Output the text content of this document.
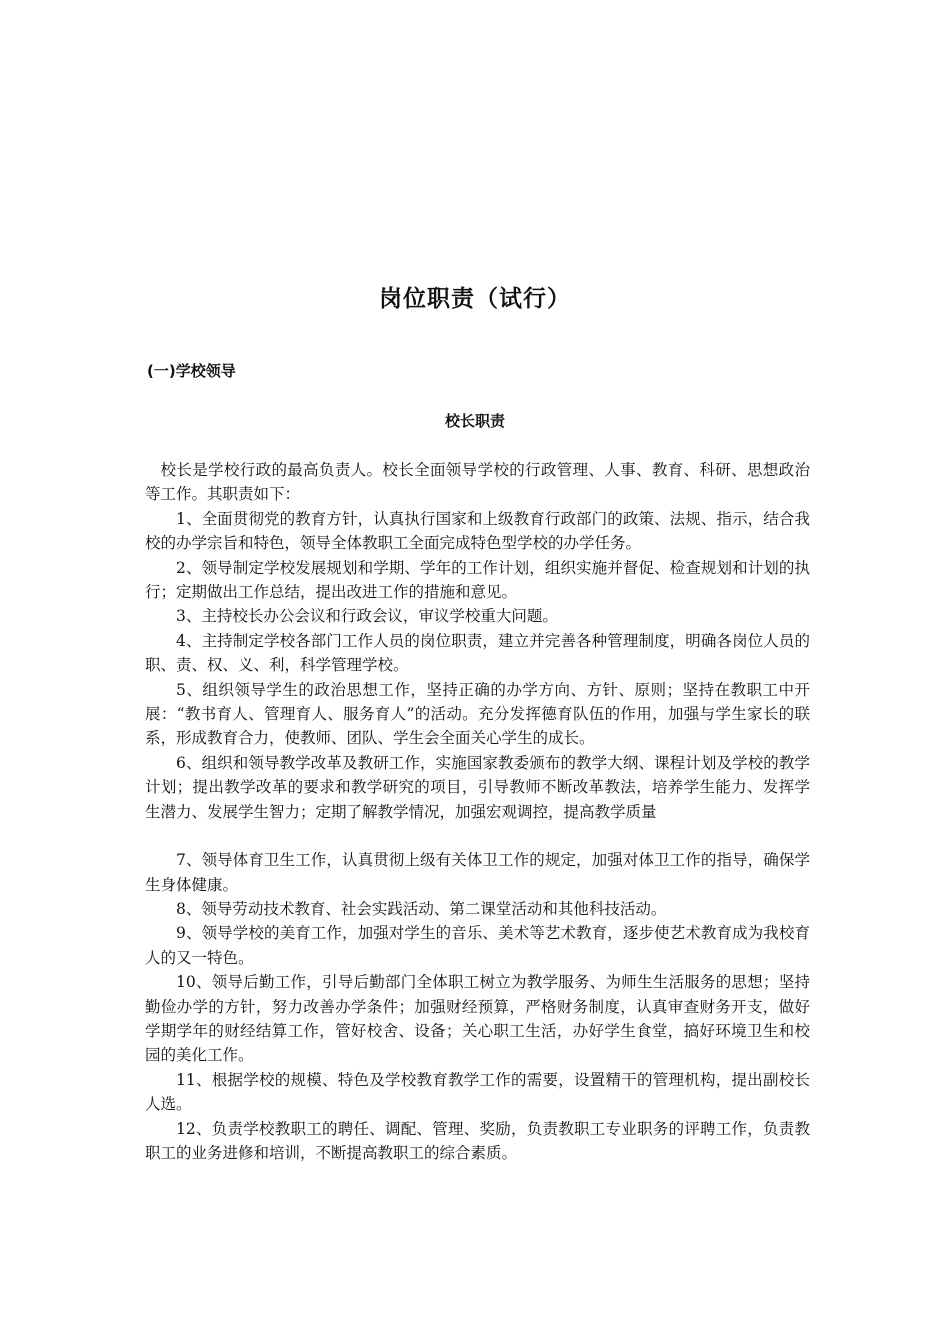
岗位职责（试行）
(一)学校领导
校长职责

校长是学校行政的最高负责人。校长全面领导学校的行政管理、人事、教育、科研、思想政治等工作。其职责如下：

1、全面贯彻党的教育方针，认真执行国家和上级教育行政部门的政策、法规、指示，结合我校的办学宗旨和特色，领导全体教职工全面完成特色型学校的办学任务。

2、领导制定学校发展规划和学期、学年的工作计划，组织实施并督促、检查规划和计划的执行；定期做出工作总结，提出改进工作的措施和意见。

3、主持校长办公会议和行政会议，审议学校重大问题。

4、主持制定学校各部门工作人员的岗位职责，建立并完善各种管理制度，明确各岗位人员的职、责、权、义、利，科学管理学校。

5、组织领导学生的政治思想工作，坚持正确的办学方向、方针、原则；坚持在教职工中开展：“教书育人、管理育人、服务育人”的活动。充分发挥德育队伍的作用，加强与学生家长的联系，形成教育合力，使教师、团队、学生会全面关心学生的成长。

6、组织和领导教学改革及教研工作，实施国家教委颁布的教学大纲、课程计划及学校的教学计划；提出教学改革的要求和教学研究的项目，引导教师不断改革教法，培养学生能力、发挥学生潜力、发展学生智力；定期了解教学情况，加强宏观调控，提高教学质量

7、领导体育卫生工作，认真贯彻上级有关体卫工作的规定，加强对体卫工作的指导，确保学生身体健康。

8、领导劳动技术教育、社会实践活动、第二课堂活动和其他科技活动。

9、领导学校的美育工作，加强对学生的音乐、美术等艺术教育，逐步使艺术教育成为我校育人的又一特色。

10、领导后勤工作，引导后勤部门全体职工树立为教学服务、为师生生活服务的思想；坚持勤俭办学的方针，努力改善办学条件；加强财经预算，严格财务制度，认真审查财务开支，做好学期学年的财经结算工作，管好校舍、设备；关心职工生活，办好学生食堂，搞好环境卫生和校园的美化工作。

11、根据学校的规模、特色及学校教育教学工作的需要，设置精干的管理机构，提出副校长人选。

12、负责学校教职工的聘任、调配、管理、奖励，负责教职工专业职务的评聘工作，负责教职工的业务进修和培训，不断提高教职工的综合素质。
